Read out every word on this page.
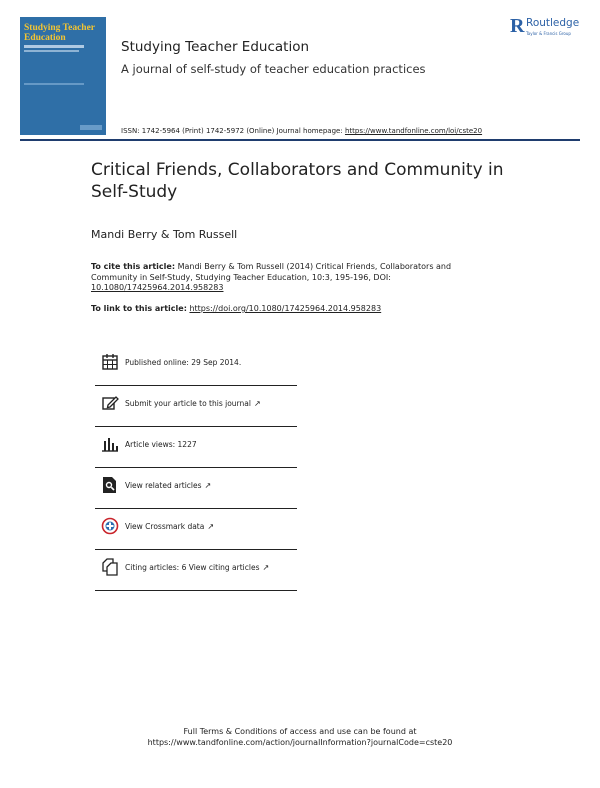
Studying Teacher Education
R Routledge
Taylor & Francis Group
Studying Teacher Education
A journal of self-study of teacher education practices
ISSN: 1742-5964 (Print) 1742-5972 (Online) Journal homepage: https://www.tandfonline.com/loi/cste20
Critical Friends, Collaborators and Community in Self-Study
Mandi Berry & Tom Russell
To cite this article: Mandi Berry & Tom Russell (2014) Critical Friends, Collaborators and Community in Self-Study, Studying Teacher Education, 10:3, 195-196, DOI: 10.1080/17425964.2014.958283
To link to this article: https://doi.org/10.1080/17425964.2014.958283
Published online: 29 Sep 2014.
Submit your article to this journal ↗
Article views: 1227
View related articles ↗
View Crossmark data ↗
Citing articles: 6 View citing articles ↗
Full Terms & Conditions of access and use can be found at
https://www.tandfonline.com/action/journalInformation?journalCode=cste20
